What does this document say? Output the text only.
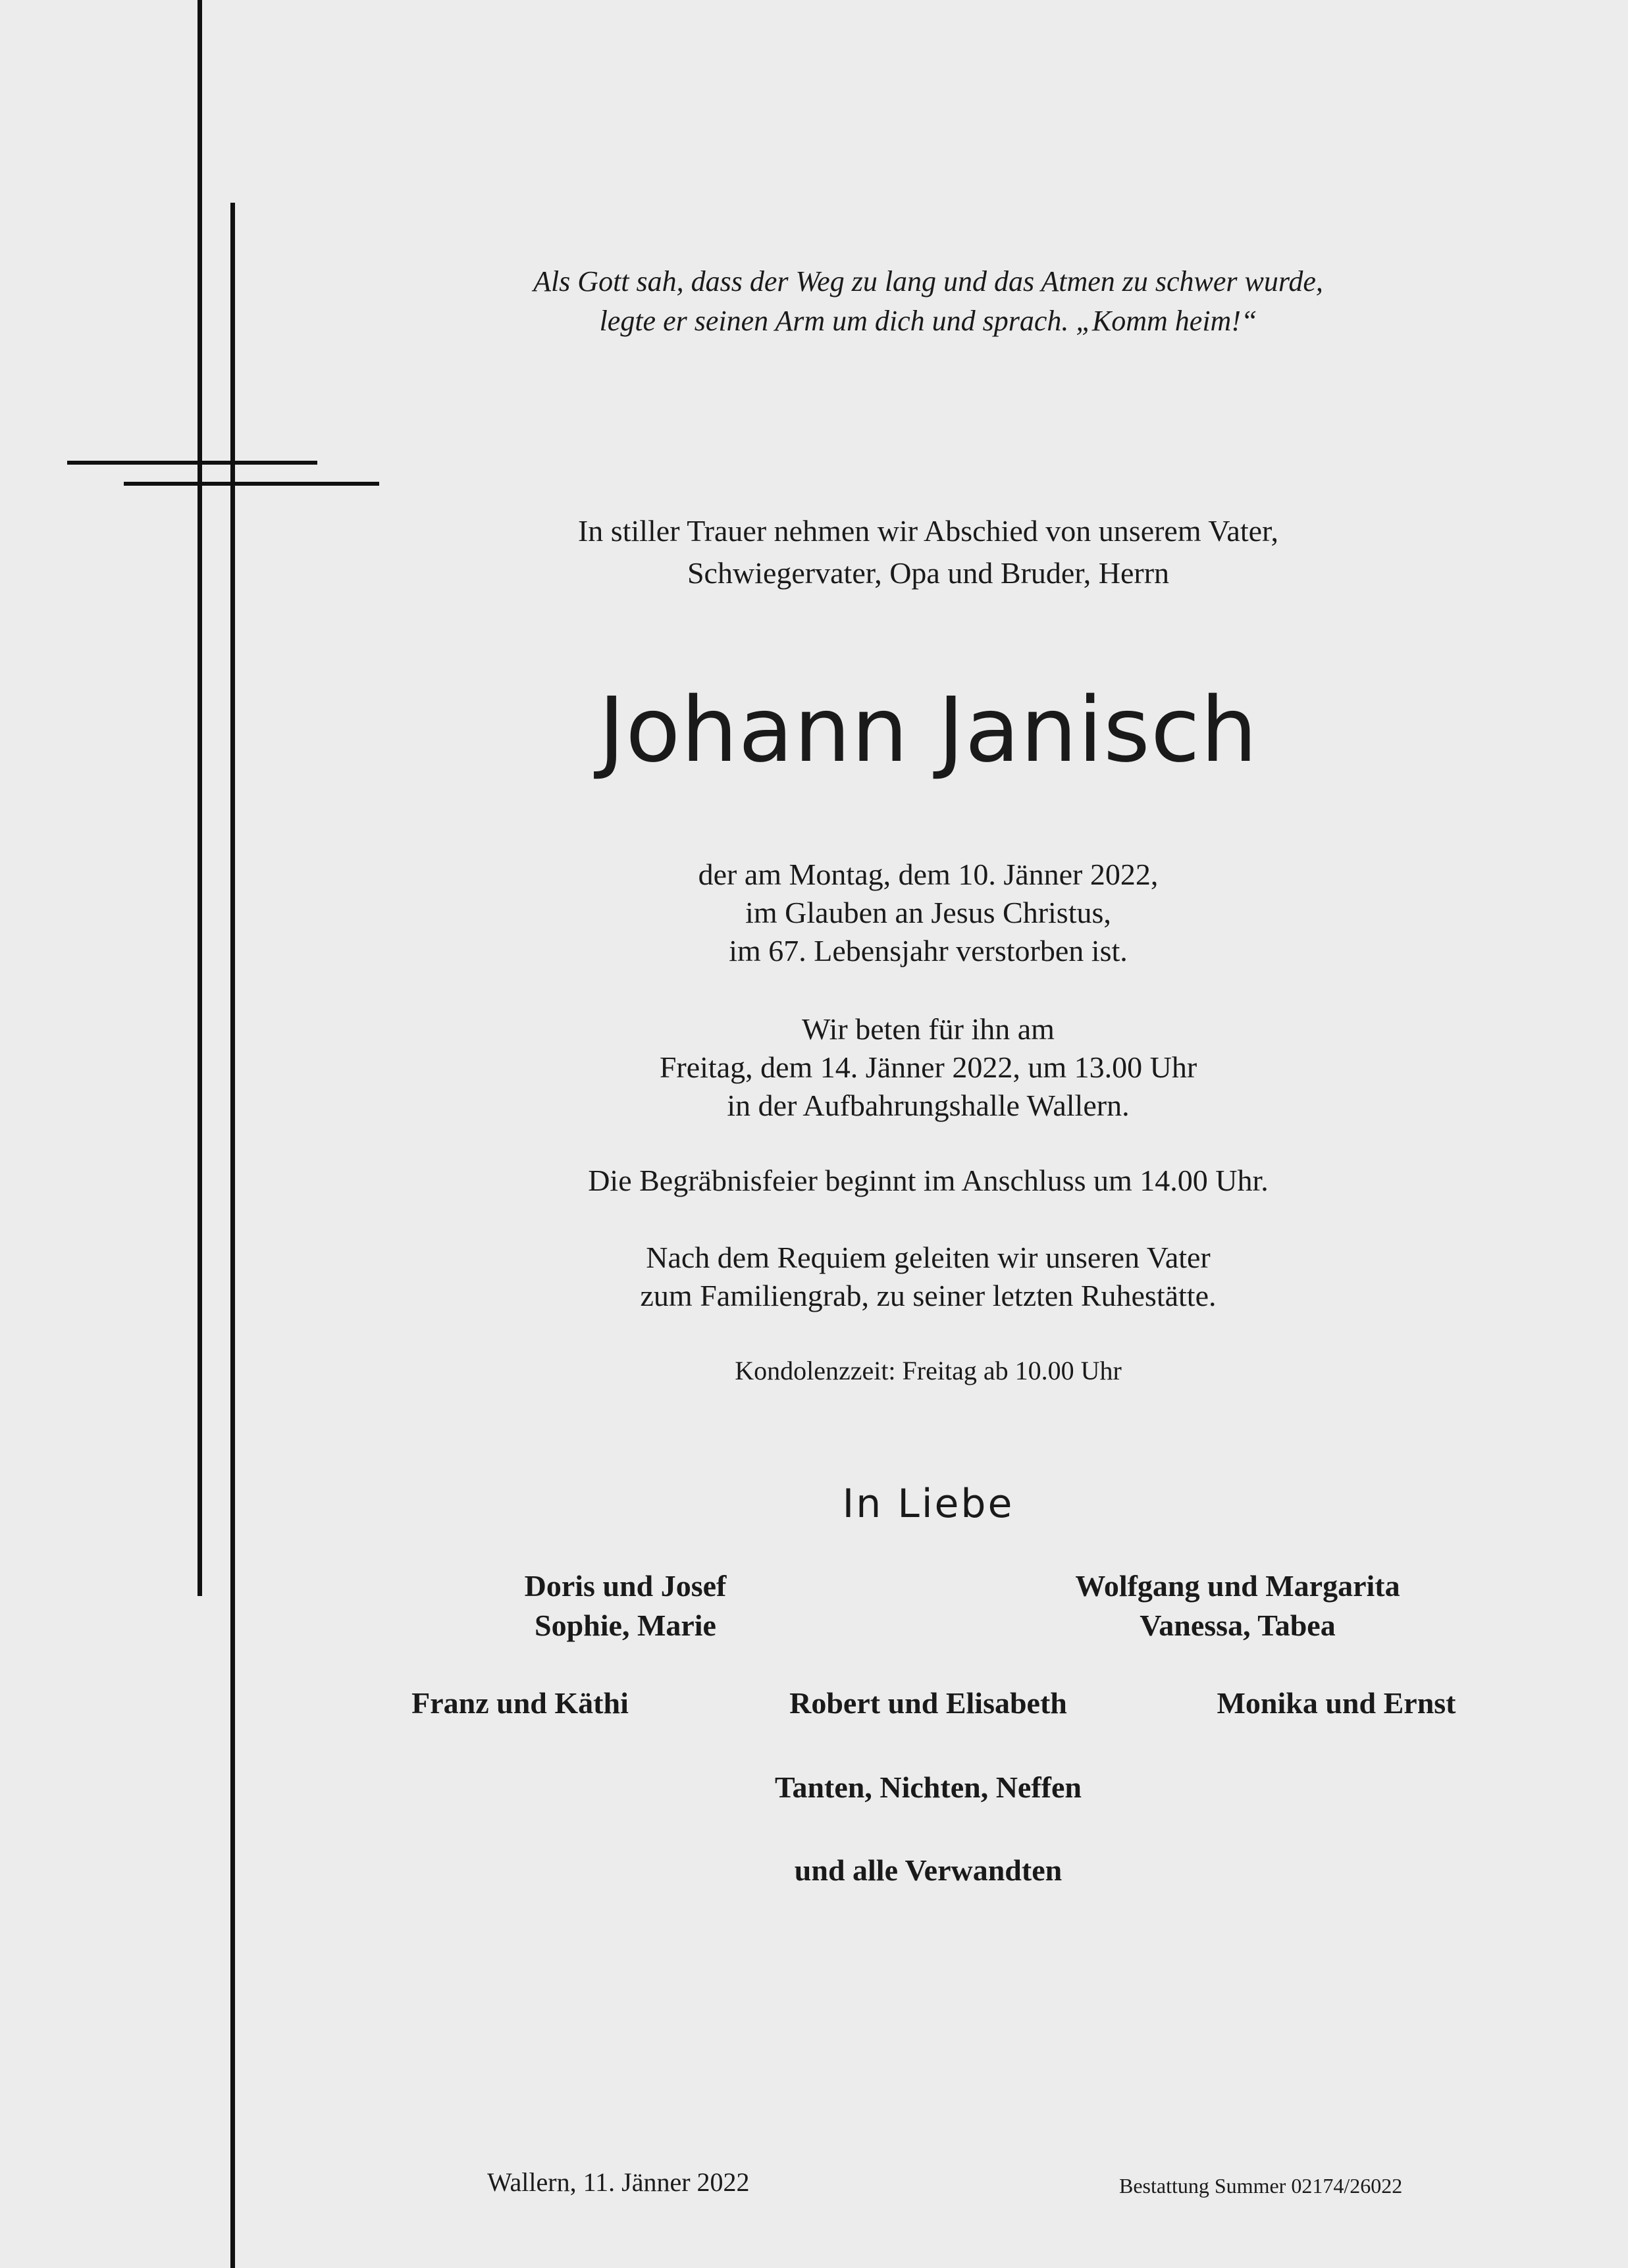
Als Gott sah, dass der Weg zu lang und das Atmen zu schwer wurde,
legte er seinen Arm um dich und sprach. „Komm heim!“
In stiller Trauer nehmen wir Abschied von unserem Vater,
Schwiegervater, Opa und Bruder, Herrn
Johann Janisch
der am Montag, dem 10. Jänner 2022,
im Glauben an Jesus Christus,
im 67. Lebensjahr verstorben ist.
Wir beten für ihn am
Freitag, dem 14. Jänner 2022, um 13.00 Uhr
in der Aufbahrungshalle Wallern.
Die Begräbnisfeier beginnt im Anschluss um 14.00 Uhr.
Nach dem Requiem geleiten wir unseren Vater
zum Familiengrab, zu seiner letzten Ruhestätte.
Kondolenzzeit: Freitag ab 10.00 Uhr
In Liebe
Doris und Josef
Sophie, Marie
Wolfgang und Margarita
Vanessa, Tabea
Franz und Käthi	Robert und Elisabeth	Monika und Ernst
Tanten, Nichten, Neffen
und alle Verwandten
Wallern, 11. Jänner 2022	Bestattung Summer 02174/26022
